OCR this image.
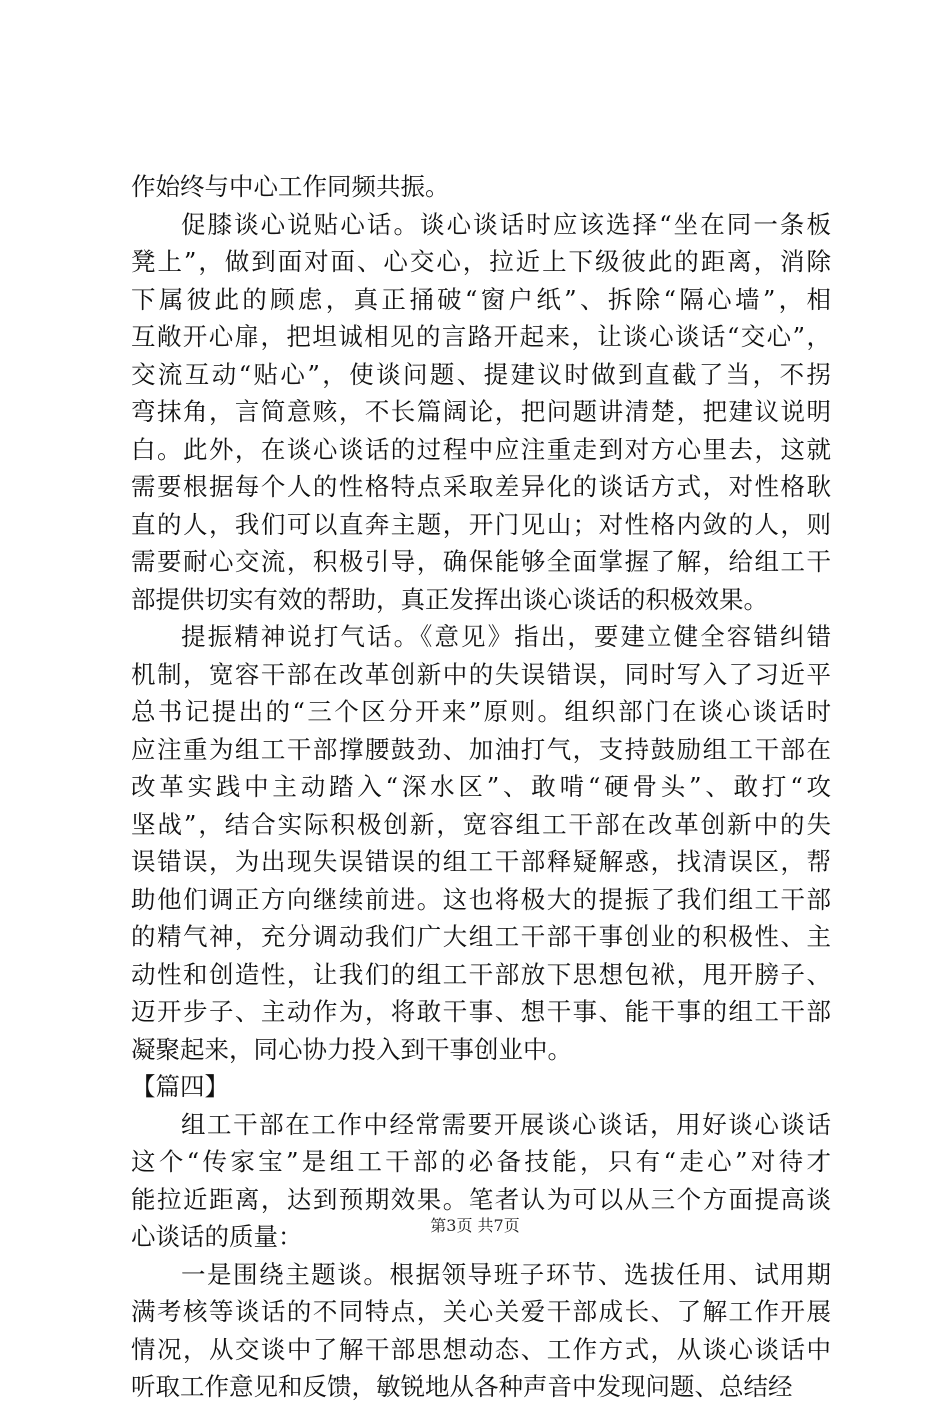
作始终与中心工作同频共振。
促膝谈心说贴心话。谈心谈话时应该选择“坐在同一条板
凳上”，做到面对面、心交心，拉近上下级彼此的距离，消除
下属彼此的顾虑，真正捅破“窗户纸”、拆除“隔心墙”，相
互敞开心扉，把坦诚相见的言路开起来，让谈心谈话“交心”，
交流互动“贴心”，使谈问题、提建议时做到直截了当，不拐
弯抹角，言简意赅，不长篇阔论，把问题讲清楚，把建议说明
白。此外，在谈心谈话的过程中应注重走到对方心里去，这就
需要根据每个人的性格特点采取差异化的谈话方式，对性格耿
直的人，我们可以直奔主题，开门见山；对性格内敛的人，则
需要耐心交流，积极引导，确保能够全面掌握了解，给组工干
部提供切实有效的帮助，真正发挥出谈心谈话的积极效果。
提振精神说打气话。《意见》指出，要建立健全容错纠错
机制，宽容干部在改革创新中的失误错误，同时写入了习近平
总书记提出的“三个区分开来”原则。组织部门在谈心谈话时
应注重为组工干部撑腰鼓劲、加油打气，支持鼓励组工干部在
改革实践中主动踏入“深水区”、敢啃“硬骨头”、敢打“攻
坚战”，结合实际积极创新，宽容组工干部在改革创新中的失
误错误，为出现失误错误的组工干部释疑解惑，找清误区，帮
助他们调正方向继续前进。这也将极大的提振了我们组工干部
的精气神，充分调动我们广大组工干部干事创业的积极性、主
动性和创造性，让我们的组工干部放下思想包袱，甩开膀子、
迈开步子、主动作为，将敢干事、想干事、能干事的组工干部
凝聚起来，同心协力投入到干事创业中。
【篇四】
组工干部在工作中经常需要开展谈心谈话，用好谈心谈话
这个“传家宝”是组工干部的必备技能，只有“走心”对待才
能拉近距离，达到预期效果。笔者认为可以从三个方面提高谈
心谈话的质量：
一是围绕主题谈。根据领导班子环节、选拔任用、试用期
满考核等谈话的不同特点，关心关爱干部成长、了解工作开展
情况，从交谈中了解干部思想动态、工作方式，从谈心谈话中
听取工作意见和反馈，敏锐地从各种声音中发现问题、总结经
第3页 共7页
